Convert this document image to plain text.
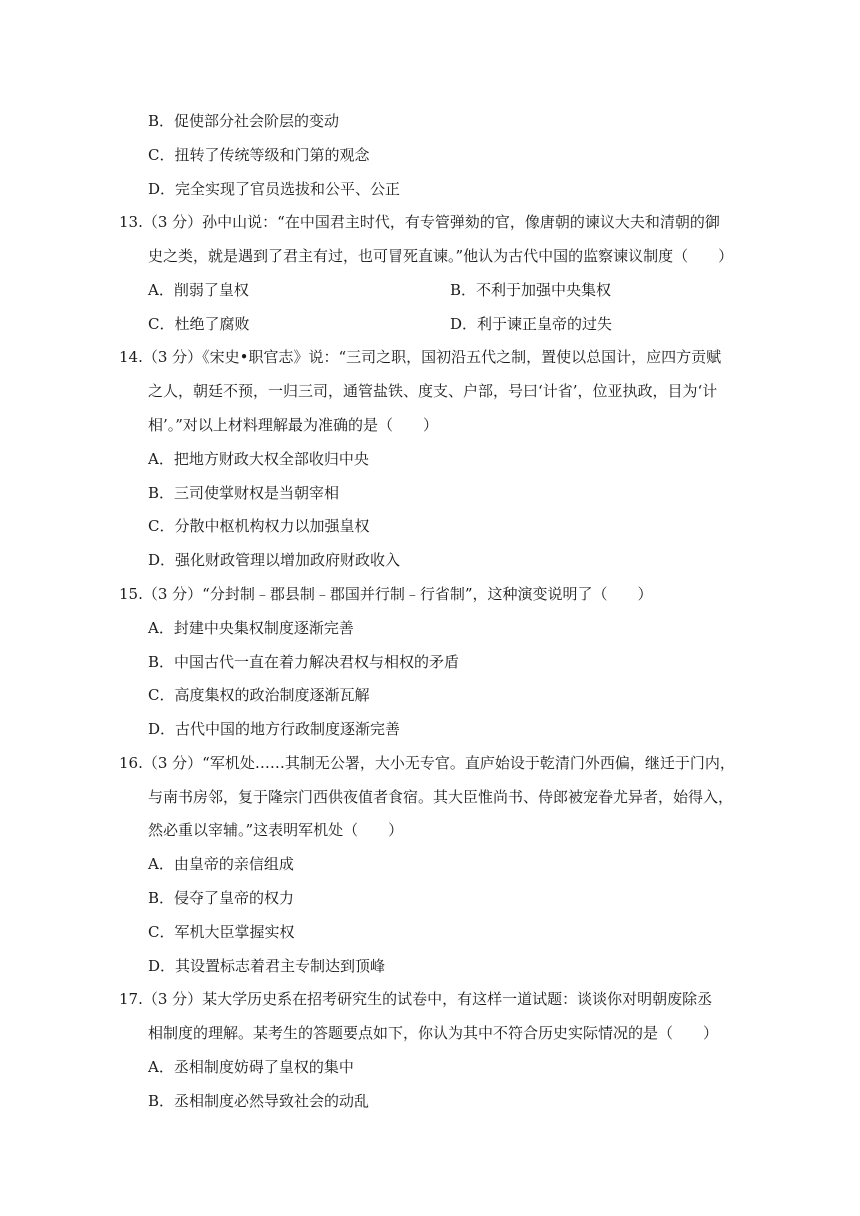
B．促使部分社会阶层的变动
C．扭转了传统等级和门第的观念
D．完全实现了官员选拔和公平、公正
13.（3 分）孙中山说：“在中国君主时代，有专管弹劾的官，像唐朝的谏议大夫和清朝的御
史之类，就是遇到了君主有过，也可冒死直谏。”他认为古代中国的监察谏议制度（　　）
A．削弱了皇权	B．不利于加强中央集权
C．杜绝了腐败	D．利于谏正皇帝的过失
14.（3 分）《宋史•职官志》说：“三司之职，国初沿五代之制，置使以总国计，应四方贡赋
之人，朝廷不预，一归三司，通管盐铁、度支、户部，号曰‘计省’，位亚执政，目为‘计
相’。”对以上材料理解最为准确的是（　　）
A．把地方财政大权全部收归中央
B．三司使掌财权是当朝宰相
C．分散中枢机构权力以加强皇权
D．强化财政管理以增加政府财政收入
15.（3 分）“分封制﹣郡县制﹣郡国并行制﹣行省制”，这种演变说明了（　　）
A．封建中央集权制度逐渐完善
B．中国古代一直在着力解决君权与相权的矛盾
C．高度集权的政治制度逐渐瓦解
D．古代中国的地方行政制度逐渐完善
16.（3 分）“军机处……其制无公署，大小无专官。直庐始设于乾清门外西偏，继迁于门内，
与南书房邻，复于隆宗门西供夜值者食宿。其大臣惟尚书、侍郎被宠眷尤异者，始得入，
然必重以宰辅。”这表明军机处（　　）
A．由皇帝的亲信组成
B．侵夺了皇帝的权力
C．军机大臣掌握实权
D．其设置标志着君主专制达到顶峰
17.（3 分）某大学历史系在招考研究生的试卷中，有这样一道试题：谈谈你对明朝废除丞
相制度的理解。某考生的答题要点如下，你认为其中不符合历史实际情况的是（　　）
A．丞相制度妨碍了皇权的集中
B．丞相制度必然导致社会的动乱
